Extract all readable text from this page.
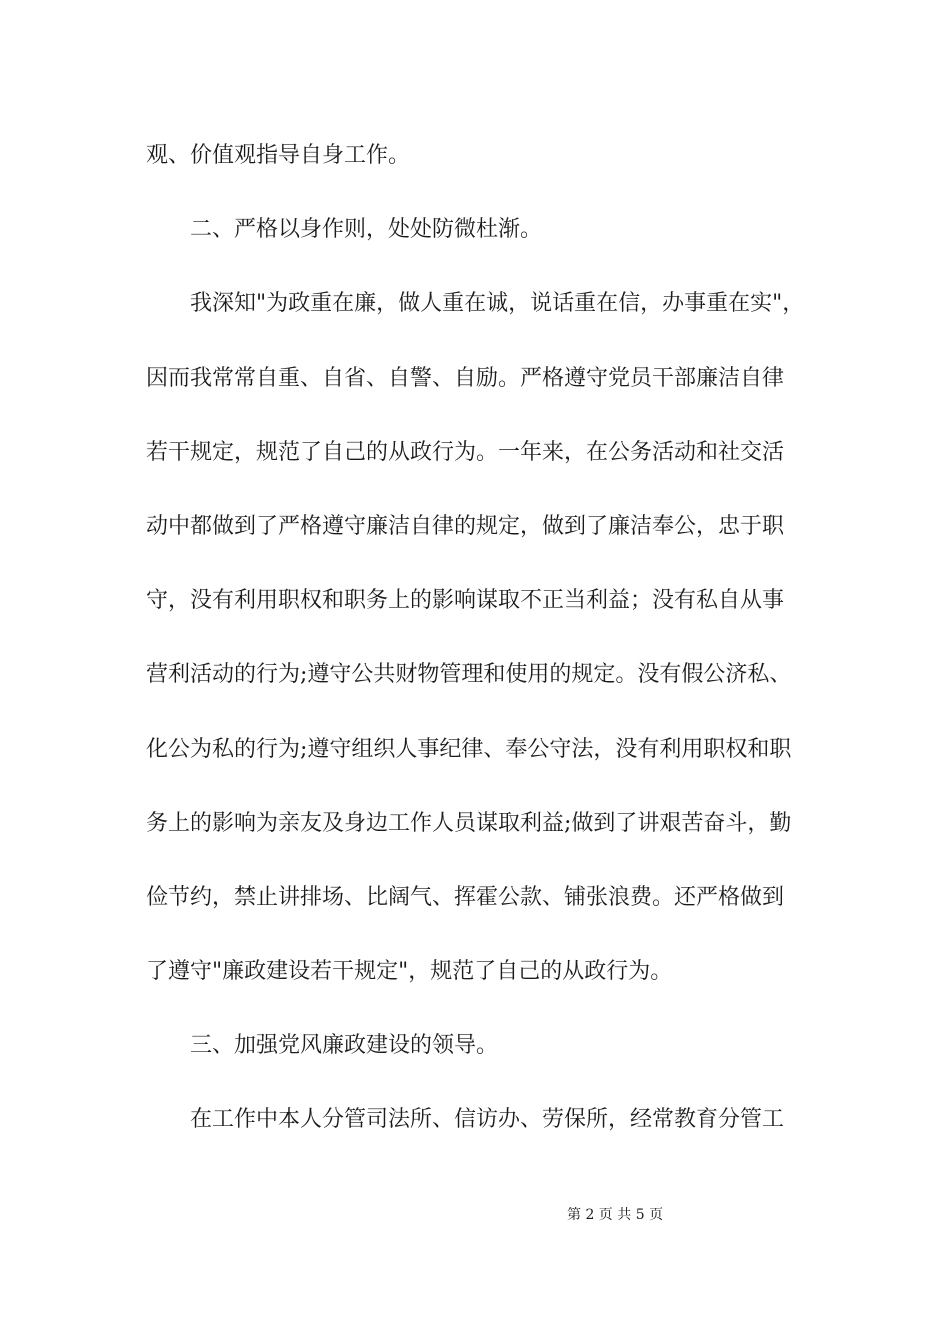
观、价值观指导自身工作。
二、严格以身作则，处处防微杜渐。
我深知"为政重在廉，做人重在诚，说话重在信，办事重在实"，
因而我常常自重、自省、自警、自励。严格遵守党员干部廉洁自律
若干规定，规范了自己的从政行为。一年来，在公务活动和社交活
动中都做到了严格遵守廉洁自律的规定，做到了廉洁奉公，忠于职
守，没有利用职权和职务上的影响谋取不正当利益；没有私自从事
营利活动的行为;遵守公共财物管理和使用的规定。没有假公济私、
化公为私的行为;遵守组织人事纪律、奉公守法，没有利用职权和职
务上的影响为亲友及身边工作人员谋取利益;做到了讲艰苦奋斗，勤
俭节约，禁止讲排场、比阔气、挥霍公款、铺张浪费。还严格做到
了遵守"廉政建设若干规定"，规范了自己的从政行为。
三、加强党风廉政建设的领导。
在工作中本人分管司法所、信访办、劳保所，经常教育分管工
第 2 页 共 5 页
